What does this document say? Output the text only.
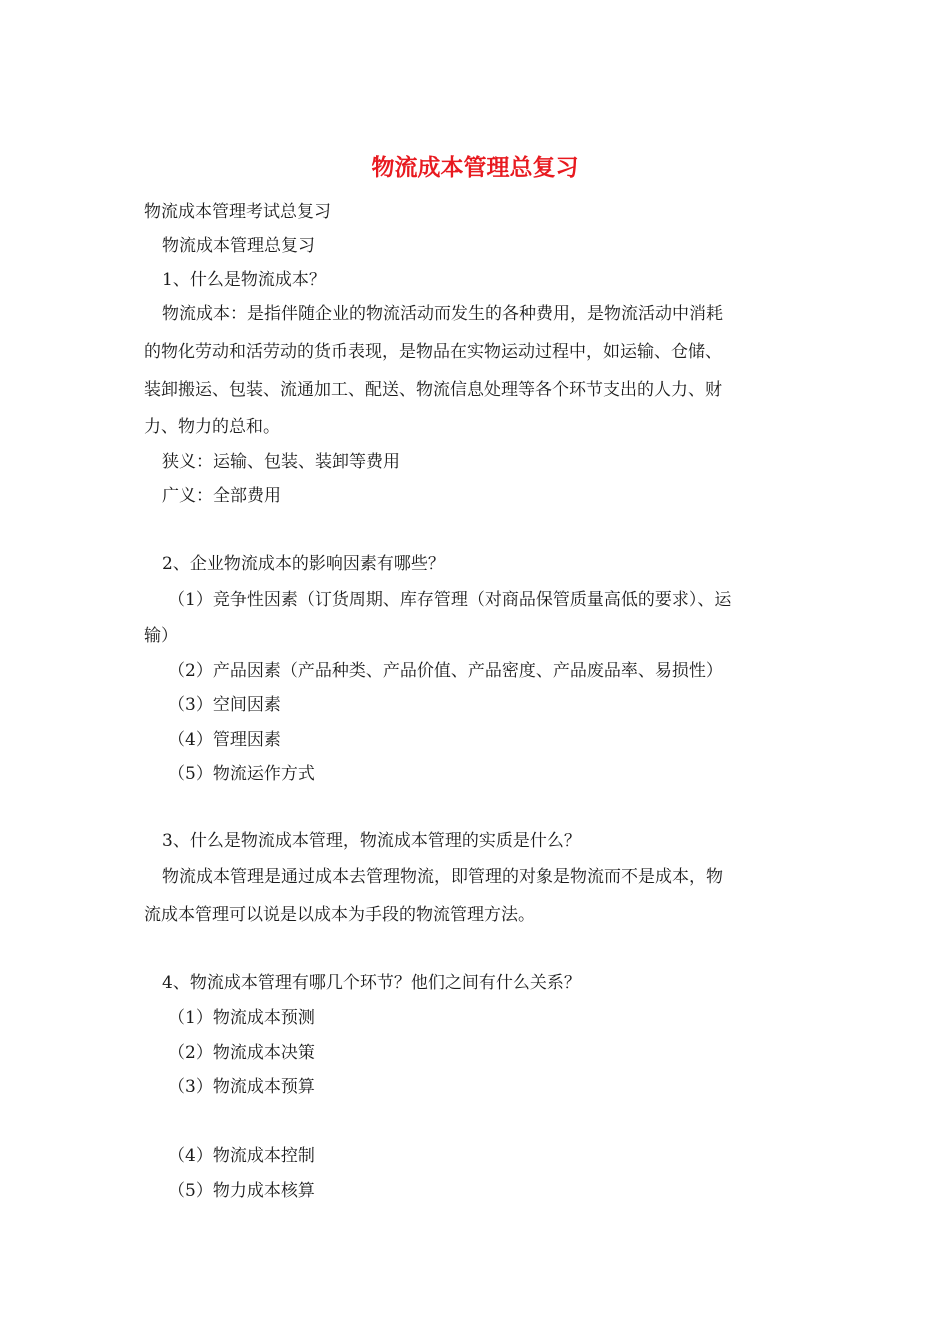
物流成本管理总复习
物流成本管理考试总复习
物流成本管理总复习
1、什么是物流成本？
物流成本：是指伴随企业的物流活动而发生的各种费用，是物流活动中消耗
的物化劳动和活劳动的货币表现，是物品在实物运动过程中，如运输、仓储、
装卸搬运、包装、流通加工、配送、物流信息处理等各个环节支出的人力、财
力、物力的总和。
狭义：运输、包装、装卸等费用
广义：全部费用
2、企业物流成本的影响因素有哪些？
（1）竞争性因素（订货周期、库存管理（对商品保管质量高低的要求）、运
输）
（2）产品因素（产品种类、产品价值、产品密度、产品废品率、易损性）
（3）空间因素
（4）管理因素
（5）物流运作方式
3、什么是物流成本管理，物流成本管理的实质是什么？
物流成本管理是通过成本去管理物流，即管理的对象是物流而不是成本，物
流成本管理可以说是以成本为手段的物流管理方法。
4、物流成本管理有哪几个环节？他们之间有什么关系？
（1）物流成本预测
（2）物流成本决策
（3）物流成本预算
（4）物流成本控制
（5）物力成本核算
